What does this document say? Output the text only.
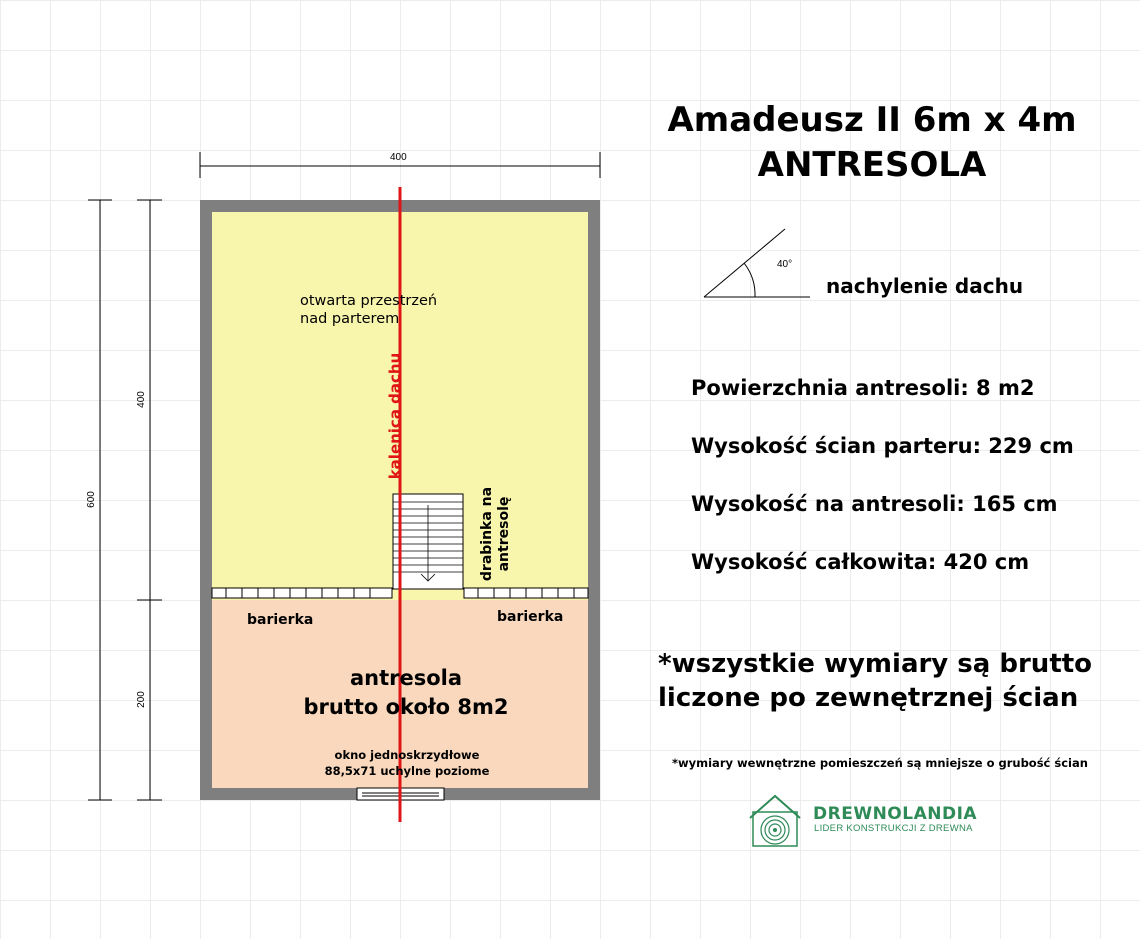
400
600
400
200
otwarta przestrzeń
nad parterem
kalenica dachu
drabinka na antresolę
barierka	barierka
antresola
brutto około 8m2
okno jednoskrzydłowe
88,5x71 uchylne poziome
Amadeusz II 6m x 4m
ANTRESOLA
40°
nachylenie dachu
Powierzchnia antresoli: 8 m2
Wysokość ścian parteru: 229 cm
Wysokość na antresoli: 165 cm
Wysokość całkowita: 420 cm
*wszystkie wymiary są brutto
liczone po zewnętrznej ścian
*wymiary wewnętrzne pomieszczeń są mniejsze o grubość ścian
DREWNOLANDIA
LIDER KONSTRUKCJI Z DREWNA
